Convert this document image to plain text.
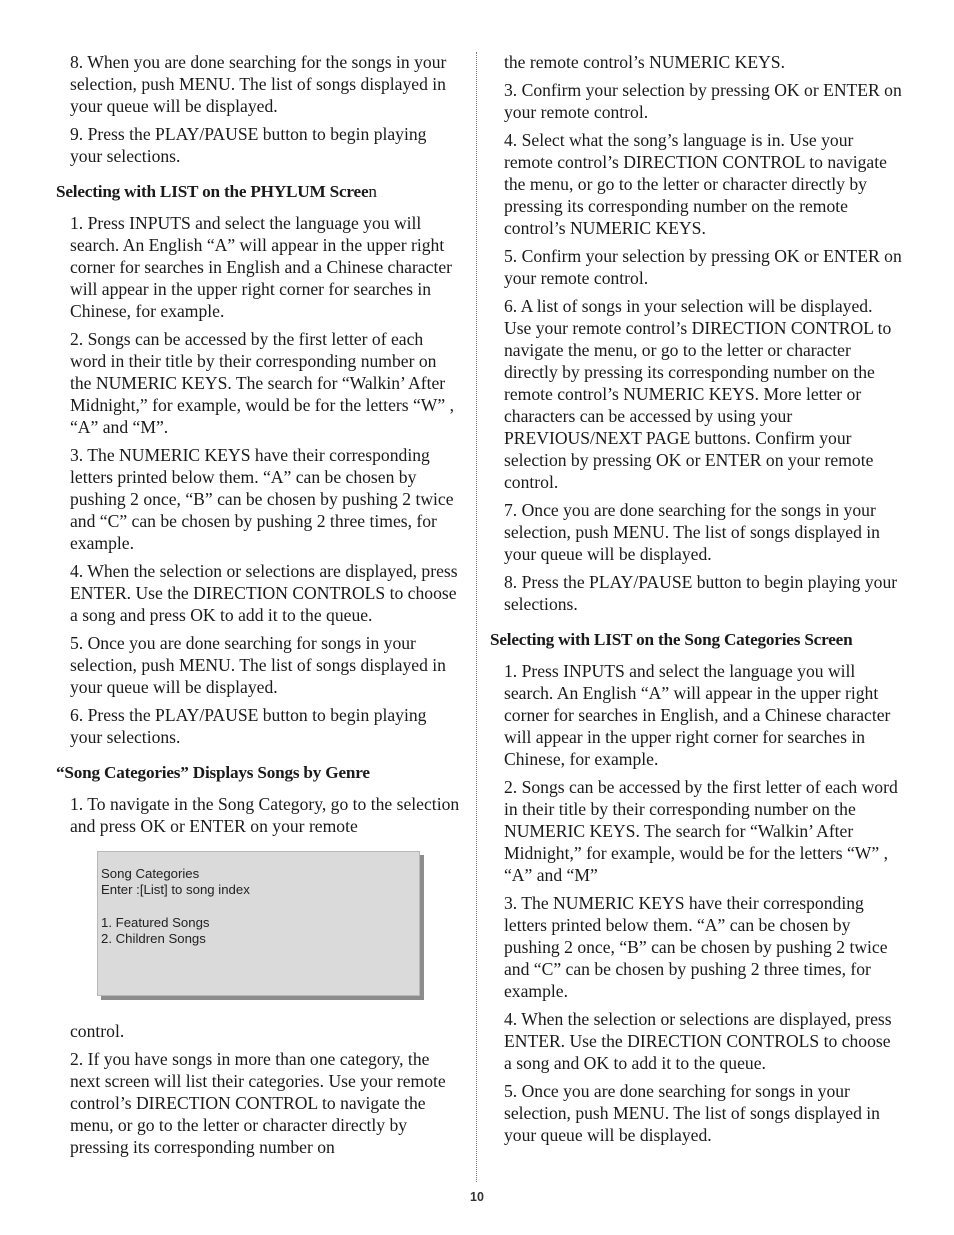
8. When you are done searching for the songs in your selection, push MENU. The list of songs displayed in your queue will be displayed.

9. Press the PLAY/PAUSE button to begin playing your selections.

Selecting with LIST on the PHYLUM Screen

1. Press INPUTS and select the language you will search. An English “A” will appear in the upper right corner for searches in English and a Chinese character will appear in the upper right corner for searches in Chinese, for example.

2. Songs can be accessed by the first letter of each word in their title by their corresponding number on the NUMERIC KEYS. The search for “Walkin’ After Midnight,” for example, would be for the letters “W” , “A” and “M”.

3. The NUMERIC KEYS have their corresponding letters printed below them. “A” can be chosen by pushing 2 once, “B” can be chosen by pushing 2 twice and “C” can be chosen by pushing 2 three times, for example.

4. When the selection or selections are displayed, press ENTER. Use the DIRECTION CONTROLS to choose a song and press OK to add it to the queue.

5. Once you are done searching for songs in your selection, push MENU. The list of songs displayed in your queue will be displayed.

6. Press the PLAY/PAUSE button to begin playing your selections.

“Song Categories” Displays Songs by Genre

1. To navigate in the Song Category, go to the selection and press OK or ENTER on your remote

Song Categories
Enter :[List] to song index
1. Featured Songs
2. Children Songs

control.

2. If you have songs in more than one category, the next screen will list their categories. Use your remote control’s DIRECTION CONTROL to navigate the menu, or go to the letter or character directly by pressing its corresponding number on

the remote control’s NUMERIC KEYS.

3. Confirm your selection by pressing OK or ENTER on your remote control.

4. Select what the song’s language is in. Use your remote control’s DIRECTION CONTROL to navigate the menu, or go to the letter or character directly by pressing its corresponding number on the remote control’s NUMERIC KEYS.

5. Confirm your selection by pressing OK or ENTER on your remote control.

6. A list of songs in your selection will be displayed. Use your remote control’s DIRECTION CONTROL to navigate the menu, or go to the letter or character directly by pressing its corresponding number on the remote control’s NUMERIC KEYS. More letter or characters can be accessed by using your PREVIOUS/NEXT PAGE buttons. Confirm your selection by pressing OK or ENTER on your remote control.

7. Once you are done searching for the songs in your selection, push MENU. The list of songs displayed in your queue will be displayed.

8. Press the PLAY/PAUSE button to begin playing your selections.

Selecting with LIST on the Song Categories Screen

1. Press INPUTS and select the language you will search. An English “A” will appear in the upper right corner for searches in English, and a Chinese character will appear in the upper right corner for searches in Chinese, for example.

2. Songs can be accessed by the first letter of each word in their title by their corresponding number on the NUMERIC KEYS. The search for “Walkin’ After Midnight,” for example, would be for the letters “W” , “A” and “M”

3. The NUMERIC KEYS have their corresponding letters printed below them. “A” can be chosen by pushing 2 once, “B” can be chosen by pushing 2 twice and “C” can be chosen by pushing 2 three times, for example.

4. When the selection or selections are displayed, press ENTER. Use the DIRECTION CONTROLS to choose a song and OK to add it to the queue.

5. Once you are done searching for songs in your selection, push MENU. The list of songs displayed in your queue will be displayed.

10
